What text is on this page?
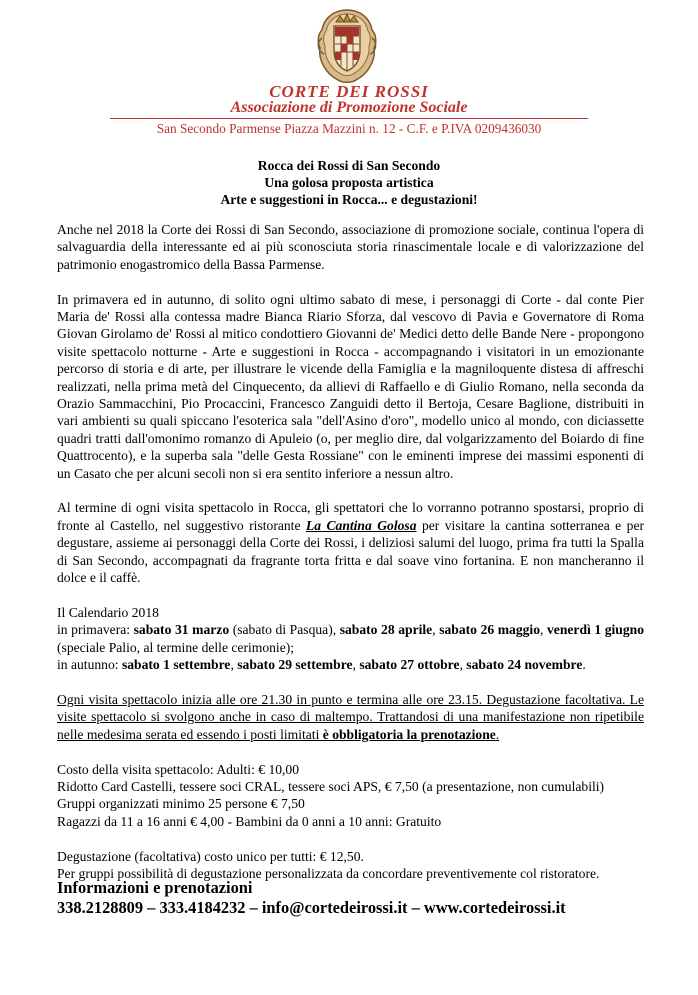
CORTE DEI ROSSI
Associazione di Promozione Sociale
San Secondo Parmense Piazza Mazzini n. 12 - C.F. e P.IVA 0209436030
Rocca dei Rossi di San Secondo
Una golosa proposta artistica
Arte e suggestioni in Rocca... e degustazioni!

Anche nel 2018 la Corte dei Rossi di San Secondo, associazione di promozione sociale, continua l'opera di salvaguardia della interessante ed ai più sconosciuta storia rinascimentale locale e di valorizzazione del patrimonio enogastromico della Bassa Parmense.

In primavera ed in autunno, di solito ogni ultimo sabato di mese, i personaggi di Corte - dal conte Pier Maria de' Rossi alla contessa madre Bianca Riario Sforza, dal vescovo di Pavia e Governatore di Roma Giovan Girolamo de' Rossi al mitico condottiero Giovanni de' Medici detto delle Bande Nere - propongono visite spettacolo notturne - Arte e suggestioni in Rocca - accompagnando i visitatori in un emozionante percorso di storia e di arte, per illustrare le vicende della Famiglia e la magniloquente distesa di affreschi realizzati, nella prima metà del Cinquecento, da allievi di Raffaello e di Giulio Romano, nella seconda da Orazio Sammacchini, Pio Procaccini, Francesco Zanguidi detto il Bertoja, Cesare Baglione, distribuiti in vari ambienti su quali spiccano l'esoterica sala "dell'Asino d'oro", modello unico al mondo, con diciassette quadri tratti dall'omonimo romanzo di Apuleio (o, per meglio dire, dal volgarizzamento del Boiardo di fine Quattrocento), e la superba sala "delle Gesta Rossiane" con le eminenti imprese dei massimi esponenti di un Casato che per alcuni secoli non si era sentito inferiore a nessun altro.

Al termine di ogni visita spettacolo in Rocca, gli spettatori che lo vorranno potranno spostarsi, proprio di fronte al Castello, nel suggestivo ristorante La Cantina Golosa per visitare la cantina sotterranea e per degustare, assieme ai personaggi della Corte dei Rossi, i deliziosi salumi del luogo, prima fra tutti la Spalla di San Secondo, accompagnati da fragrante torta fritta e dal soave vino fortanina. E non mancheranno il dolce e il caffè.

Il Calendario 2018

in primavera: sabato 31 marzo (sabato di Pasqua), sabato 28 aprile, sabato 26 maggio, venerdì 1 giugno (speciale Palio, al termine delle cerimonie);

in autunno: sabato 1 settembre, sabato 29 settembre, sabato 27 ottobre, sabato 24 novembre.

Ogni visita spettacolo inizia alle ore 21.30 in punto e termina alle ore 23.15. Degustazione facoltativa. Le visite spettacolo si svolgono anche in caso di maltempo. Trattandosi di una manifestazione non ripetibile nelle medesima serata ed essendo i posti limitati è obbligatoria la prenotazione.

Costo della visita spettacolo: Adulti: € 10,00

Ridotto Card Castelli, tessere soci CRAL, tessere soci APS, € 7,50 (a presentazione, non cumulabili)

Gruppi organizzati minimo 25 persone € 7,50

Ragazzi da 11 a 16 anni € 4,00 - Bambini da 0 anni a 10 anni: Gratuito

Degustazione (facoltativa) costo unico per tutti: € 12,50.

Per gruppi possibilità di degustazione personalizzata da concordare preventivemente col ristoratore.

Informazioni e prenotazioni
338.2128809 – 333.4184232 – info@cortedeirossi.it – www.cortedeirossi.it
